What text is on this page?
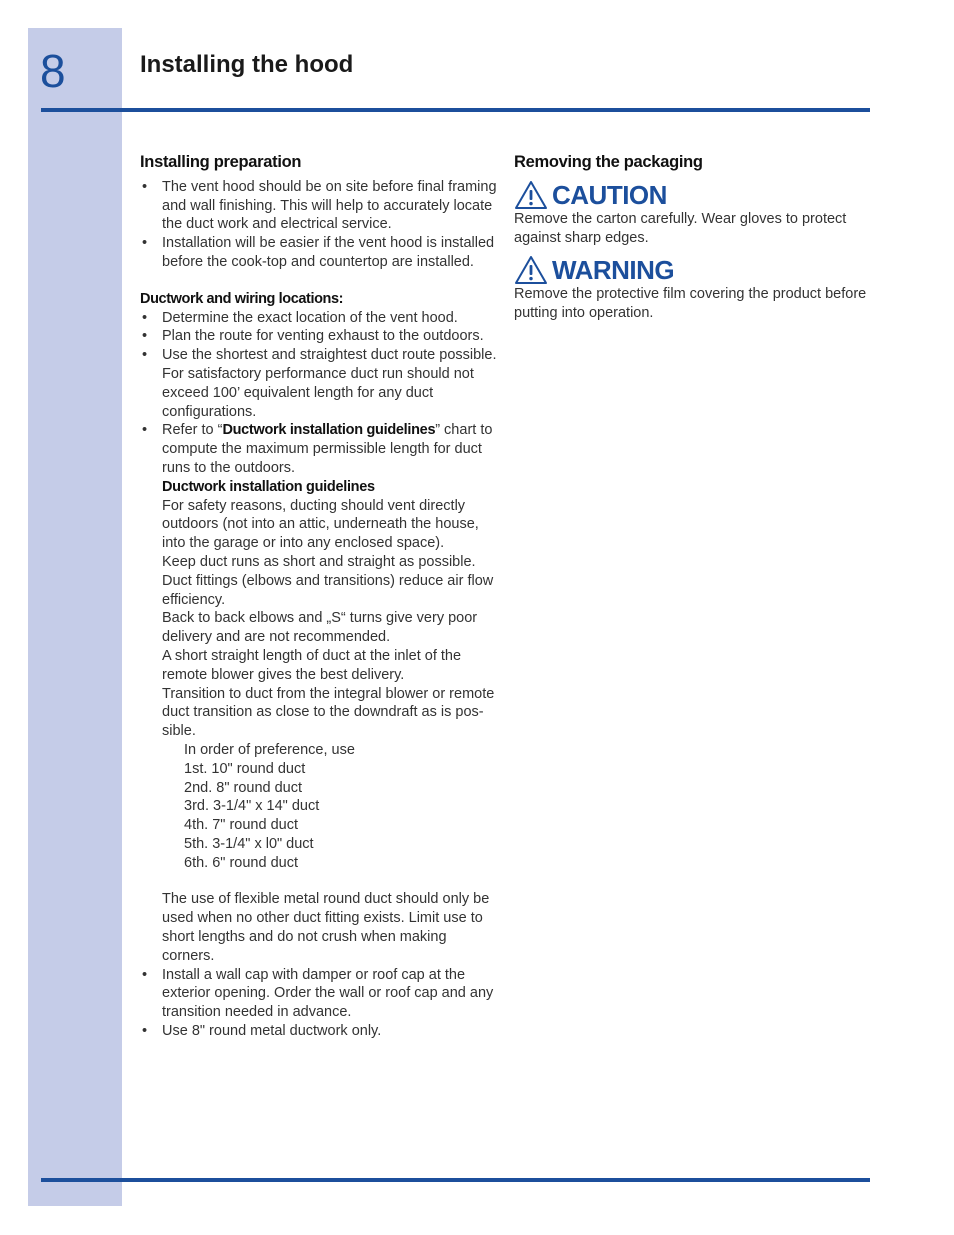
8	Installing the hood
Installing preparation
• The vent hood should be on site before final framing and wall finishing. This will help to accurately locate the duct work and electrical service.
• Installation will be easier if the vent hood is installed before the cook-top and countertop are installed.

Ductwork and wiring locations:

• Determine the exact location of the vent hood.
• Plan the route for venting exhaust to the outdoors.
• Use the shortest and straightest duct route possible.
For satisfactory performance duct run should not exceed 100’ equivalent length for any duct configurations.
• Refer to “Ductwork installation guidelines” chart to compute the maximum permissible length for duct runs to the outdoors.
Ductwork installation guidelines

For safety reasons, ducting should vent directly outdoors (not into an attic, underneath the house, into the garage or into any enclosed space).

Keep duct runs as short and straight as possible.

Duct fittings (elbows and transitions) reduce air flow efficiency.

Back to back elbows and „S“ turns give very poor delivery and are not recommended.

A short straight length of duct at the inlet of the remote blower gives the best delivery.

Transition to duct from the integral blower or remote duct transition as close to the downdraft as is pos-sible.

In order of preference, use
1st. 10" round duct
2nd. 8" round duct
3rd. 3-1/4" x 14" duct
4th. 7" round duct
5th. 3-1/4" x l0" duct
6th. 6" round duct

The use of flexible metal round duct should only be used when no other duct fitting exists. Limit use to short lengths and do not crush when making corners.

• Install a wall cap with damper or roof cap at the exterior opening. Order the wall or roof cap and any transition needed in advance.
• Use 8" round metal ductwork only.
Removing the packaging
CAUTION

Remove the carton carefully. Wear gloves to protect against sharp edges.

WARNING

Remove the protective film covering the product before putting into operation.
